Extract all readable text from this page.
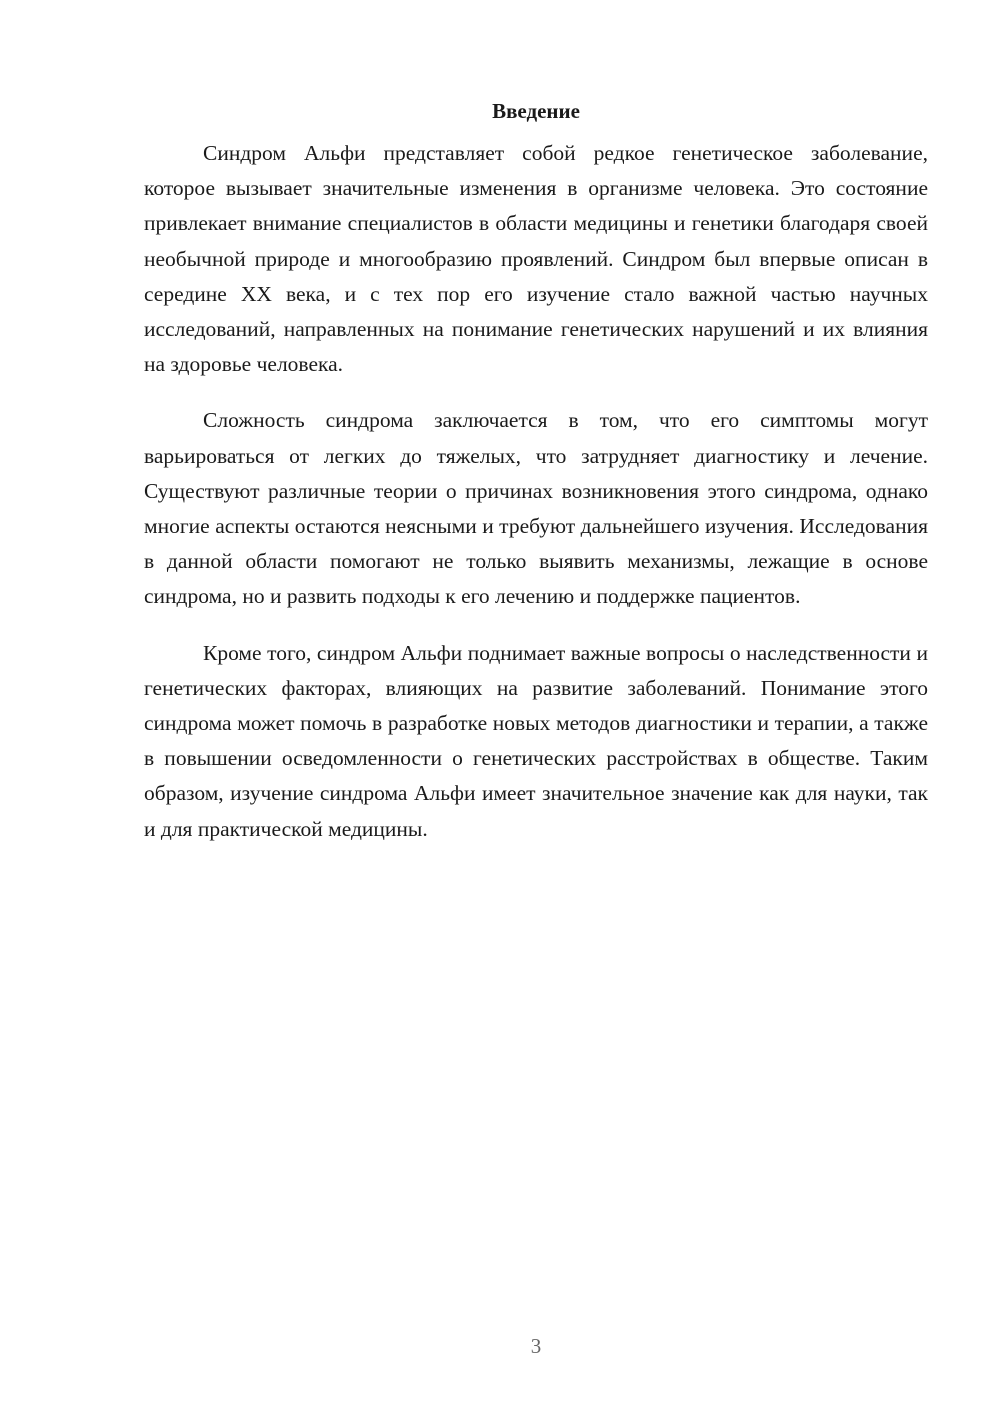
Введение

Синдром Альфи представляет собой редкое генетическое заболевание, которое вызывает значительные изменения в организме человека. Это состояние привлекает внимание специалистов в области медицины и генетики благодаря своей необычной природе и многообразию проявлений. Синдром был впервые описан в середине XX века, и с тех пор его изучение стало важной частью научных исследований, направленных на понимание генетических нарушений и их влияния на здоровье человека.

Сложность синдрома заключается в том, что его симптомы могут варьироваться от легких до тяжелых, что затрудняет диагностику и лечение. Существуют различные теории о причинах возникновения этого синдрома, однако многие аспекты остаются неясными и требуют дальнейшего изучения. Исследования в данной области помогают не только выявить механизмы, лежащие в основе синдрома, но и развить подходы к его лечению и поддержке пациентов.

Кроме того, синдром Альфи поднимает важные вопросы о наследственности и генетических факторах, влияющих на развитие заболеваний. Понимание этого синдрома может помочь в разработке новых методов диагностики и терапии, а также в повышении осведомленности о генетических расстройствах в обществе. Таким образом, изучение синдрома Альфи имеет значительное значение как для науки, так и для практической медицины.

3
